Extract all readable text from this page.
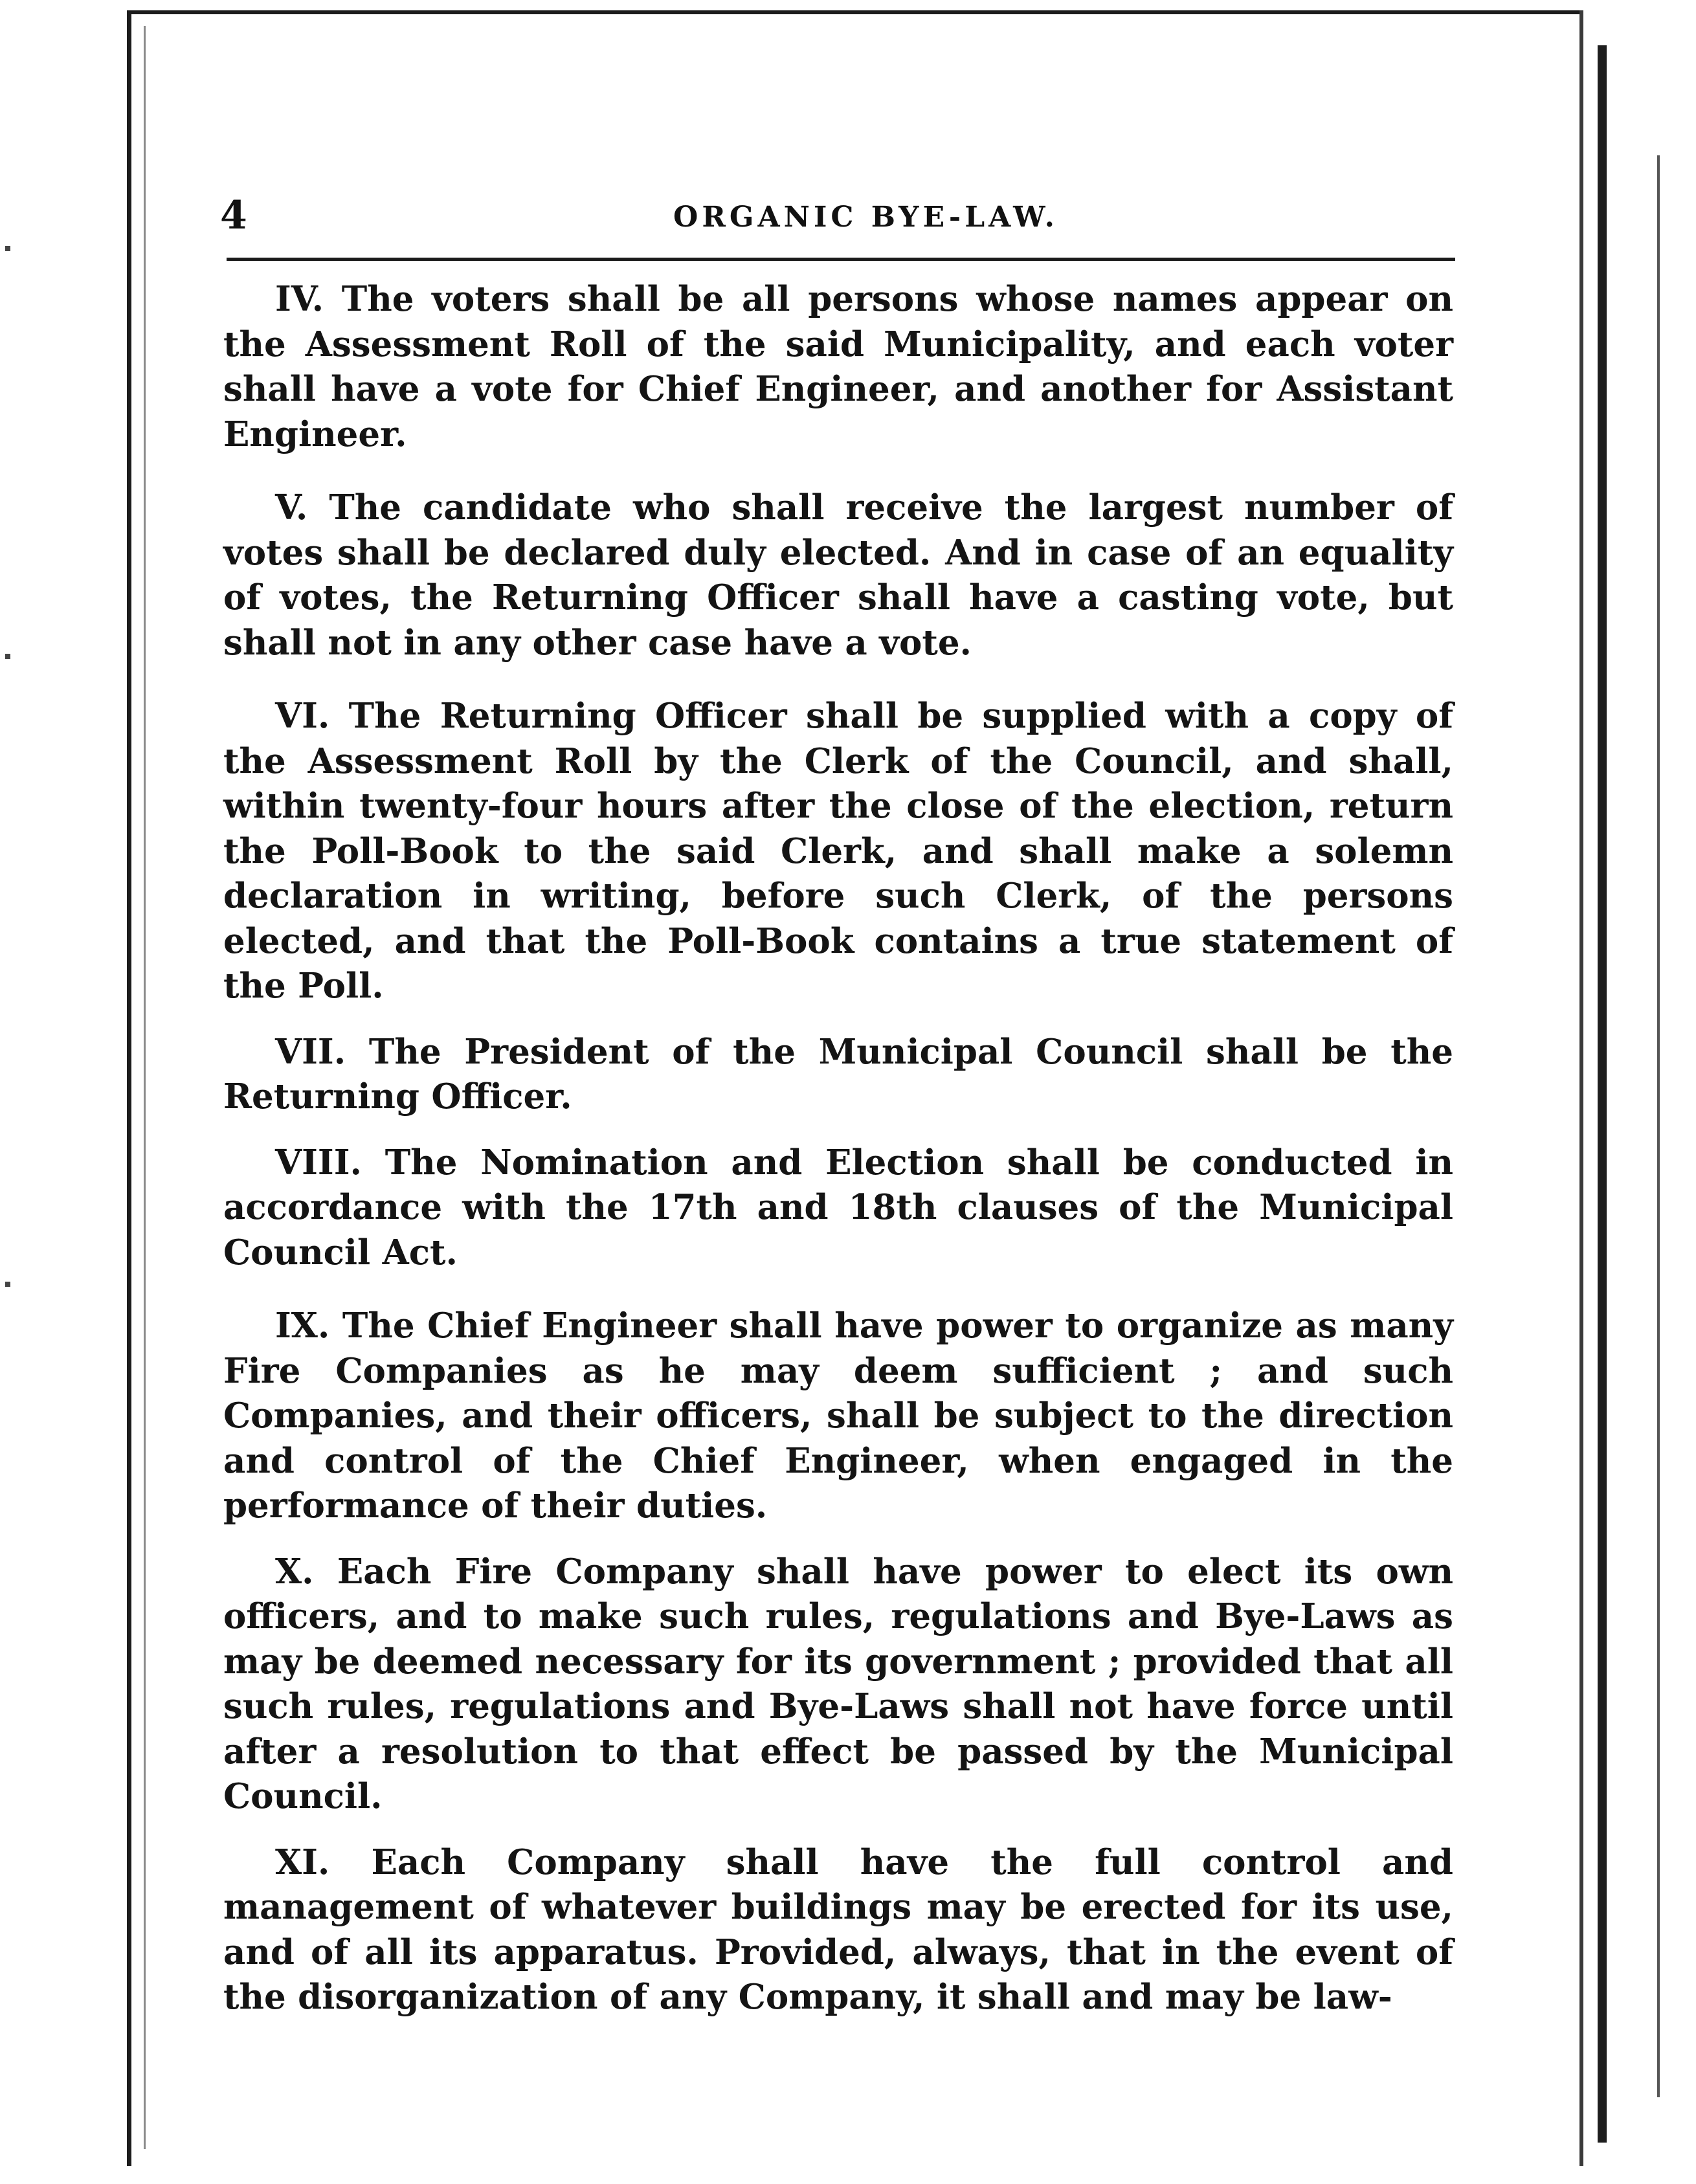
4	ORGANIC BYE-LAW.

IV. The voters shall be all persons whose names appear on the Assessment Roll of the said Municipality, and each voter shall have a vote for Chief Engineer, and another for Assistant Engineer.

V. The candidate who shall receive the largest number of votes shall be declared duly elected. And in case of an equality of votes, the Returning Officer shall have a casting vote, but shall not in any other case have a vote.

VI. The Returning Officer shall be supplied with a copy of the Assessment Roll by the Clerk of the Council, and shall, within twenty-four hours after the close of the election, return the Poll-Book to the said Clerk, and shall make a solemn declaration in writing, before such Clerk, of the persons elected, and that the Poll-Book contains a true statement of the Poll.

VII. The President of the Municipal Council shall be the Returning Officer.

VIII. The Nomination and Election shall be conducted in accordance with the 17th and 18th clauses of the Municipal Council Act.

IX. The Chief Engineer shall have power to organize as many Fire Companies as he may deem sufficient ; and such Companies, and their officers, shall be subject to the direction and control of the Chief Engineer, when engaged in the performance of their duties.

X. Each Fire Company shall have power to elect its own officers, and to make such rules, regulations and Bye-Laws as may be deemed necessary for its government ; provided that all such rules, regulations and Bye-Laws shall not have force until after a resolution to that effect be passed by the Municipal Council.

XI. Each Company shall have the full control and management of whatever buildings may be erected for its use, and of all its apparatus. Provided, always, that in the event of the disorganization of any Company, it shall and may be law-
